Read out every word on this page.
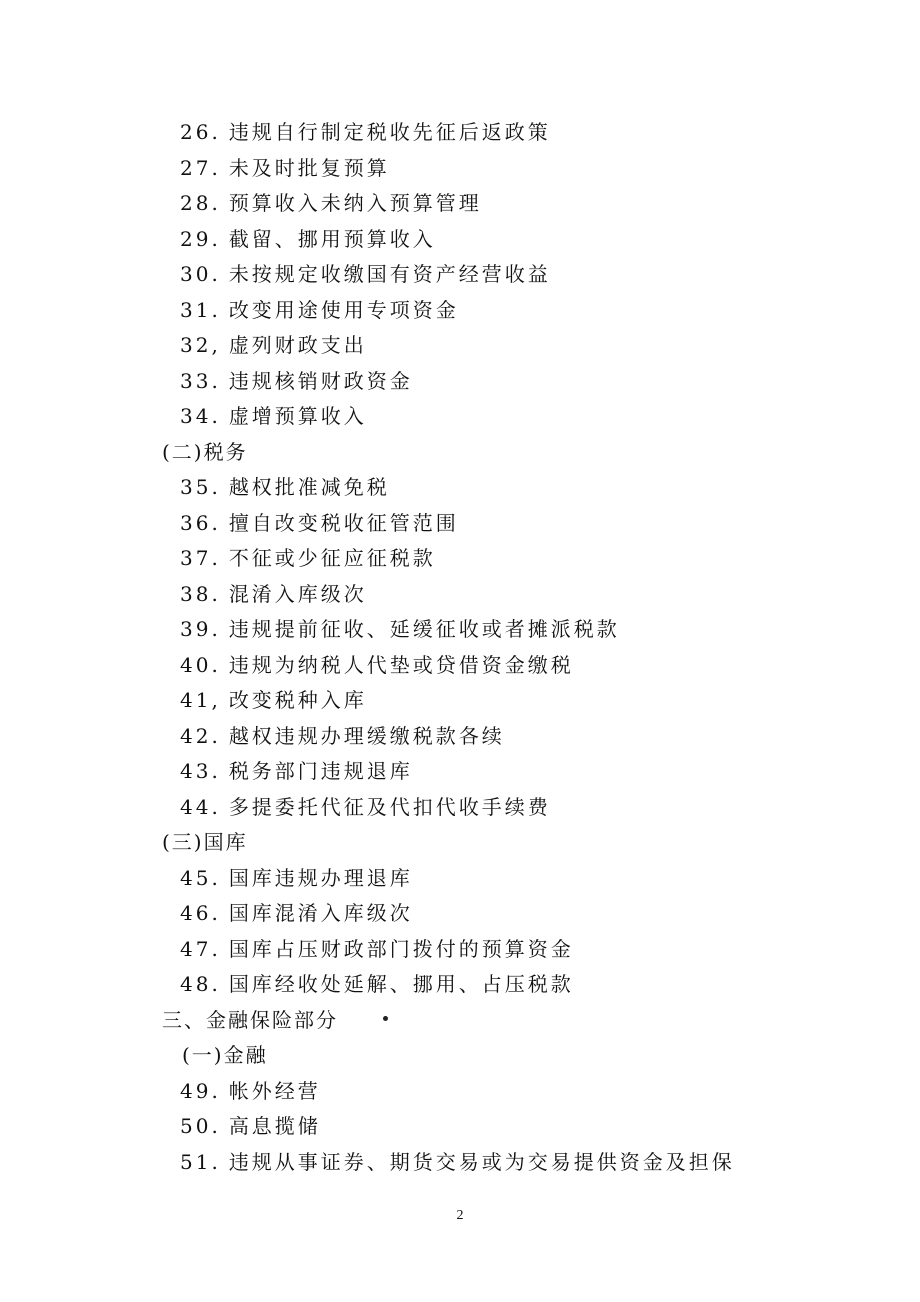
26. 违规自行制定税收先征后返政策
27. 未及时批复预算
28. 预算收入未纳入预算管理
29. 截留、挪用预算收入
30. 未按规定收缴国有资产经营收益
31. 改变用途使用专项资金
32, 虚列财政支出
33. 违规核销财政资金
34. 虚增预算收入
(二)税务
35. 越权批准减免税
36. 擅自改变税收征管范围
37. 不征或少征应征税款
38. 混淆入库级次
39. 违规提前征收、延缓征收或者摊派税款
40. 违规为纳税人代垫或贷借资金缴税
41, 改变税种入库
42. 越权违规办理缓缴税款各续
43. 税务部门违规退库
44. 多提委托代征及代扣代收手续费
(三)国库
45. 国库违规办理退库
46. 国库混淆入库级次
47. 国库占压财政部门拨付的预算资金
48. 国库经收处延解、挪用、占压税款
三、金融保险部分
(一)金融
49. 帐外经营
50. 高息揽储
51. 违规从事证券、期货交易或为交易提供资金及担保
2
